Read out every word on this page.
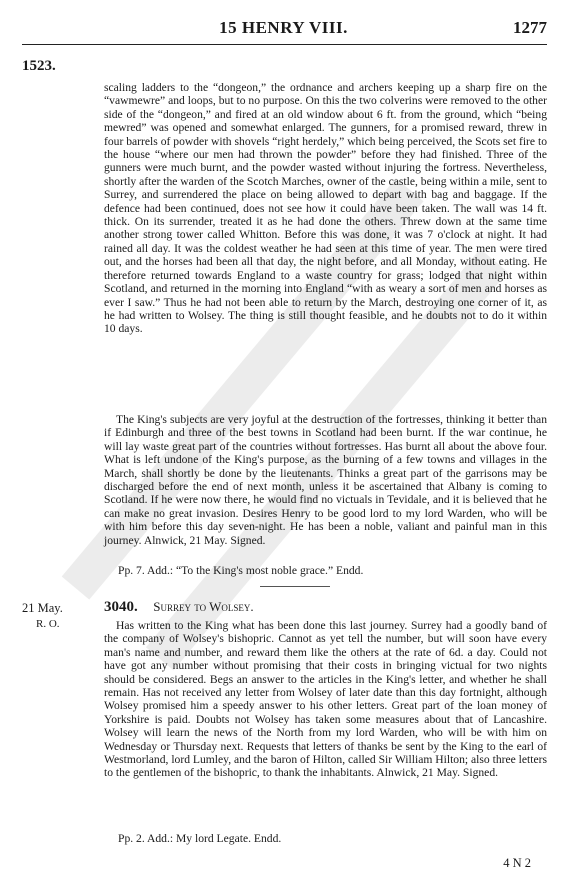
15 HENRY VIII.	1277
1523.

scaling ladders to the “dongeon,” the ordnance and archers keeping up a sharp fire on the “vawmewre” and loops, but to no purpose. On this the two colverins were removed to the other side of the “dongeon,” and fired at an old window about 6 ft. from the ground, which “being mewred” was opened and somewhat enlarged. The gunners, for a promised reward, threw in four barrels of powder with shovels “right herdely,” which being perceived, the Scots set fire to the house “where our men had thrown the powder” before they had finished. Three of the gunners were much burnt, and the powder wasted without injuring the fortress. Nevertheless, shortly after the warden of the Scotch Marches, owner of the castle, being within a mile, sent to Surrey, and surrendered the place on being allowed to depart with bag and baggage. If the defence had been continued, does not see how it could have been taken. The wall was 14 ft. thick. On its surrender, treated it as he had done the others. Threw down at the same time another strong tower called Whitton. Before this was done, it was 7 o'clock at night. It had rained all day. It was the coldest weather he had seen at this time of year. The men were tired out, and the horses had been all that day, the night before, and all Monday, without eating. He therefore returned towards England to a waste country for grass; lodged that night within Scotland, and returned in the morning into England “with as weary a sort of men and horses as ever I saw.” Thus he had not been able to return by the March, destroying one corner of it, as he had written to Wolsey. The thing is still thought feasible, and he doubts not to do it within 10 days.

The King's subjects are very joyful at the destruction of the fortresses, thinking it better than if Edinburgh and three of the best towns in Scotland had been burnt. If the war continue, he will lay waste great part of the countries without fortresses. Has burnt all about the above four. What is left undone of the King's purpose, as the burning of a few towns and villages in the March, shall shortly be done by the lieutenants. Thinks a great part of the garrisons may be discharged before the end of next month, unless it be ascertained that Albany is coming to Scotland. If he were now there, he would find no victuals in Tevidale, and it is believed that he can make no great invasion. Desires Henry to be good lord to my lord Warden, who will be with him before this day seven-night. He has been a noble, valiant and painful man in this journey. Alnwick, 21 May. Signed.

Pp. 7. Add.: “To the King's most noble grace.” Endd.
21 May.
R. O.
3040. Surrey to Wolsey.

Has written to the King what has been done this last journey. Surrey had a goodly band of the company of Wolsey's bishopric. Cannot as yet tell the number, but will soon have every man's name and number, and reward them like the others at the rate of 6d. a day. Could not have got any number without promising that their costs in bringing victual for two nights should be considered. Begs an answer to the articles in the King's letter, and whether he shall remain. Has not received any letter from Wolsey of later date than this day fortnight, although Wolsey promised him a speedy answer to his other letters. Great part of the loan money of Yorkshire is paid. Doubts not Wolsey has taken some measures about that of Lancashire. Wolsey will learn the news of the North from my lord Warden, who will be with him on Wednesday or Thursday next. Requests that letters of thanks be sent by the King to the earl of Westmorland, lord Lumley, and the baron of Hilton, called Sir William Hilton; also three letters to the gentlemen of the bishopric, to thank the inhabitants. Alnwick, 21 May. Signed.

Pp. 2. Add.: My lord Legate. Endd.
4 N 2
